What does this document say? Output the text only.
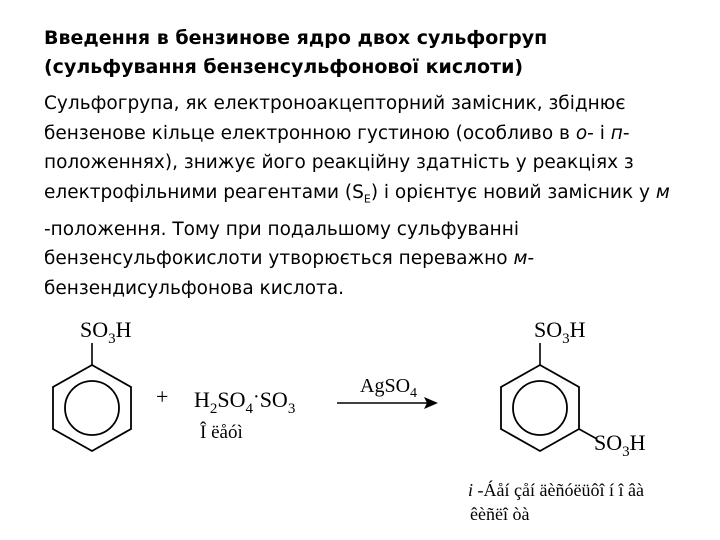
Введення в бензинове ядро двох сульфогруп (сульфування бензенсульфонової кислоти)

Сульфогрупа, як електроноакцепторний замісник, збіднює бензенове кільце електронною густиною (особливо в о- і п-положеннях), знижує його реакційну здатність у реакціях з електрофільними реагентами $(S_E)$ і орієнтує новий замісник у м -положення. Тому при подальшому сульфуванні бензенсульфокислоти утворюється переважно м-бензендисульфонова кислота.

$SO_3H$
+ $H_2SO_4\cdot SO_3$
Î ëåóì
AgSO$_4$
$SO_3H$
$SO_3H$
i -Áåí çåí äèñóëüôî í î âà
êèñëî òà
